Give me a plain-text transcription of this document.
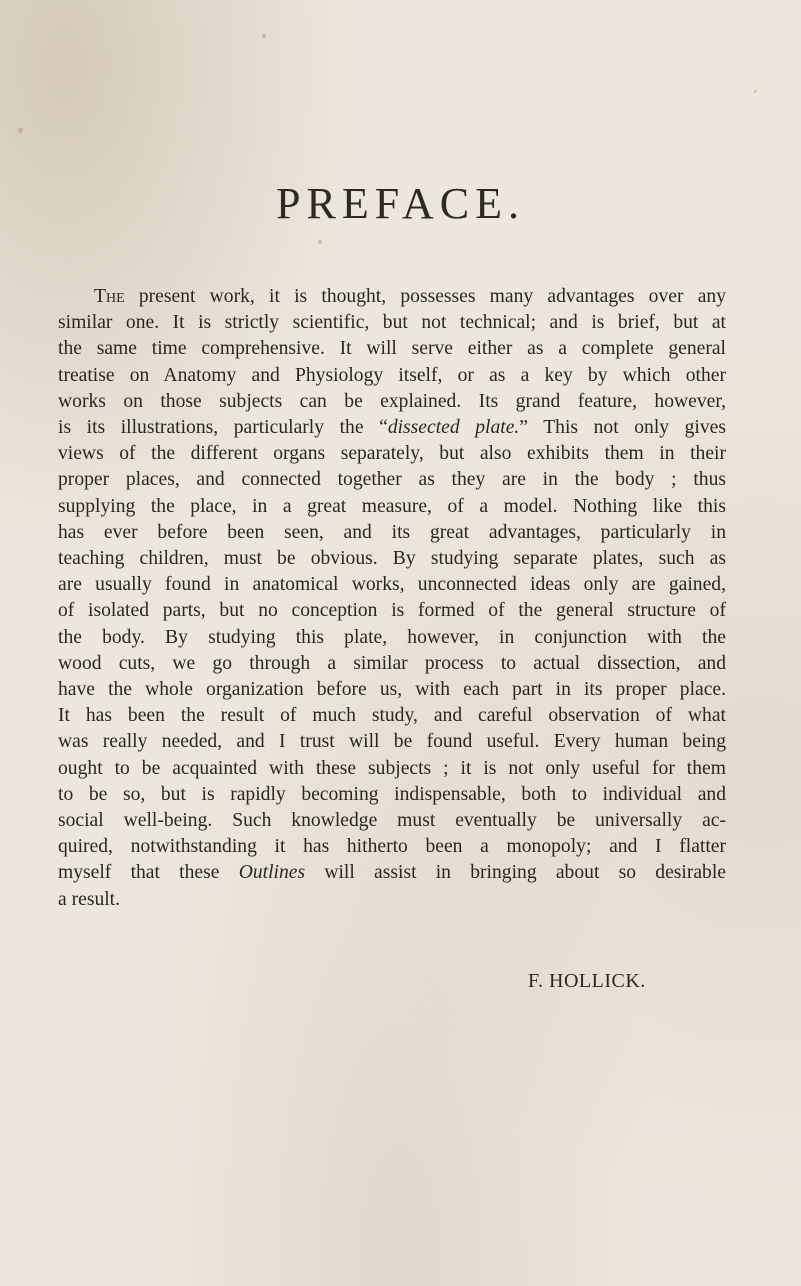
PREFACE.
The present work, it is thought, possesses many advantages over any
similar one. It is strictly scientific, but not technical; and is brief, but at
the same time comprehensive. It will serve either as a complete general
treatise on Anatomy and Physiology itself, or as a key by which other
works on those subjects can be explained. Its grand feature, however,
is its illustrations, particularly the “dissected plate.” This not only gives
views of the different organs separately, but also exhibits them in their
proper places, and connected together as they are in the body ; thus
supplying the place, in a great measure, of a model. Nothing like this
has ever before been seen, and its great advantages, particularly in
teaching children, must be obvious. By studying separate plates, such as
are usually found in anatomical works, unconnected ideas only are gained,
of isolated parts, but no conception is formed of the general structure of
the body. By studying this plate, however, in conjunction with the
wood cuts, we go through a similar process to actual dissection, and
have the whole organization before us, with each part in its proper place.
It has been the result of much study, and careful observation of what
was really needed, and I trust will be found useful. Every human being
ought to be acquainted with these subjects ; it is not only useful for them
to be so, but is rapidly becoming indispensable, both to individual and
social well-being. Such knowledge must eventually be universally ac-
quired, notwithstanding it has hitherto been a monopoly; and I flatter
myself that these Outlines will assist in bringing about so desirable
a result.

F. HOLLICK.
